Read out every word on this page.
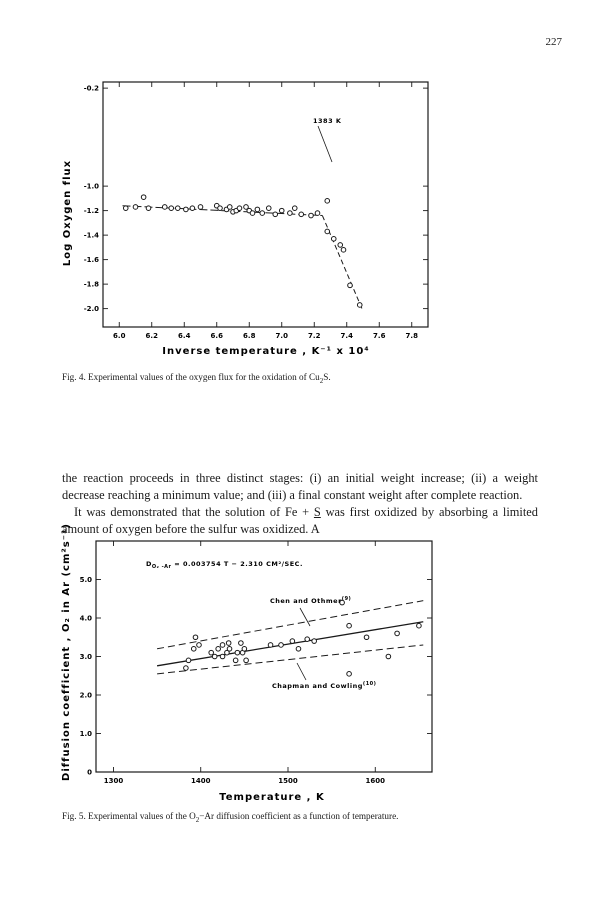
227
6.0	6.2	6.4	6.6	6.8	7.0	7.2	7.4	7.6	7.8
-0.2
-1.0
-1.2
-1.4
-1.6
-1.8
-2.0
1383 K
Inverse temperature , K⁻¹ x 10⁴
Log Oxygen flux
Fig. 4. Experimental values of the oxygen flux for the oxidation of $Cu_2S$.

the reaction proceeds in three distinct stages: (i) an initial weight increase; (ii) a weight decrease reaching a minimum value; and (iii) a final constant weight after complete reaction.

It was demonstrated that the solution of Fe + S was first oxidized by absorbing a limited amount of oxygen before the sulfur was oxidized. A

1300	1400	1500	1600
0
1.0
2.0
3.0
4.0
5.0
$D_{O_2 -Ar} = 0.003754$ T − 2.310 CM²/SEC.
Chen and Othmer$^{(9)}$
Chapman and Cowling$^{(10)}$
Temperature , K
Diffusion coefficient , O₂ in Ar (cm²s⁻¹)
Fig. 5. Experimental values of the $O_2-Ar$ diffusion coefficient as a function of temperature.
